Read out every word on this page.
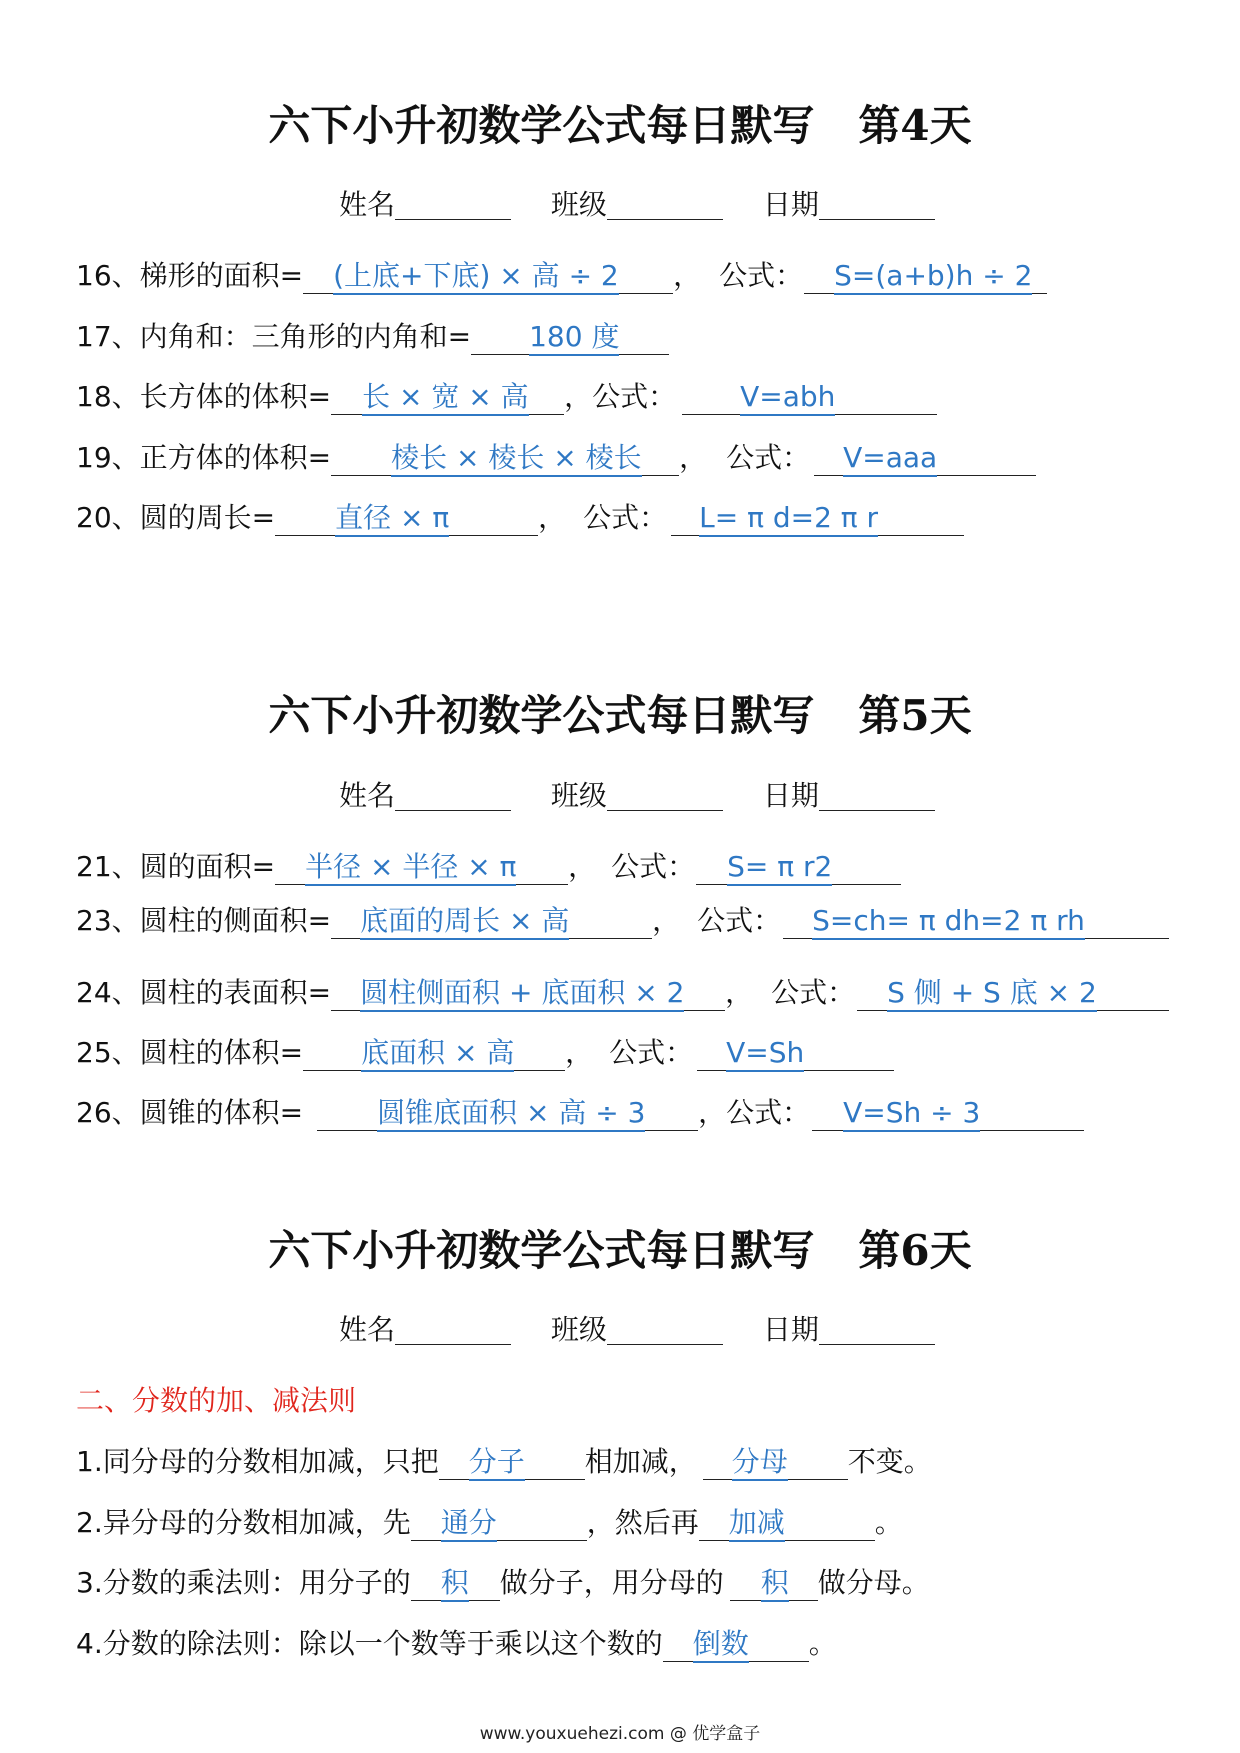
六下小升初数学公式每日默写 第4天
姓名	班级	日期
16、梯形的面积= (上底+下底) × 高 ÷ 2 ， 公式： S=(a+b)h ÷ 2
17、内角和：三角形的内角和= 180 度
18、长方体的体积= 长 × 宽 × 高 ，公式： V=abh
19、正方体的体积= 棱长 × 棱长 × 棱长 ， 公式： V=aaa
20、圆的周长= 直径 × π	， 公式： L= π d=2 π r
六下小升初数学公式每日默写 第5天
姓名	班级	日期
21、圆的面积= 半径 × 半径 × π ， 公式： S= π r2
23、圆柱的侧面积= 底面的周长 × 高	， 公式： S=ch= π dh=2 π rh
24、圆柱的表面积= 圆柱侧面积 + 底面积 × 2 ， 公式： S 侧 + S 底 × 2
25、圆柱的体积= 底面积 × 高 ， 公式： V=Sh
26、圆锥的体积=	圆锥底面积 × 高 ÷ 3 ，公式： V=Sh ÷ 3
六下小升初数学公式每日默写 第6天
姓名	班级	日期
二、分数的加、减法则
1.同分母的分数相加减，只把 分子 相加减， 分母 不变。
2.异分母的分数相加减，先 通分	，然后再 加减	。
3.分数的乘法则：用分子的 积 做分子，用分母的 积 做分母。
4.分数的除法则：除以一个数等于乘以这个数的 倒数 。
www.youxuehezi.com @ 优学盒子
